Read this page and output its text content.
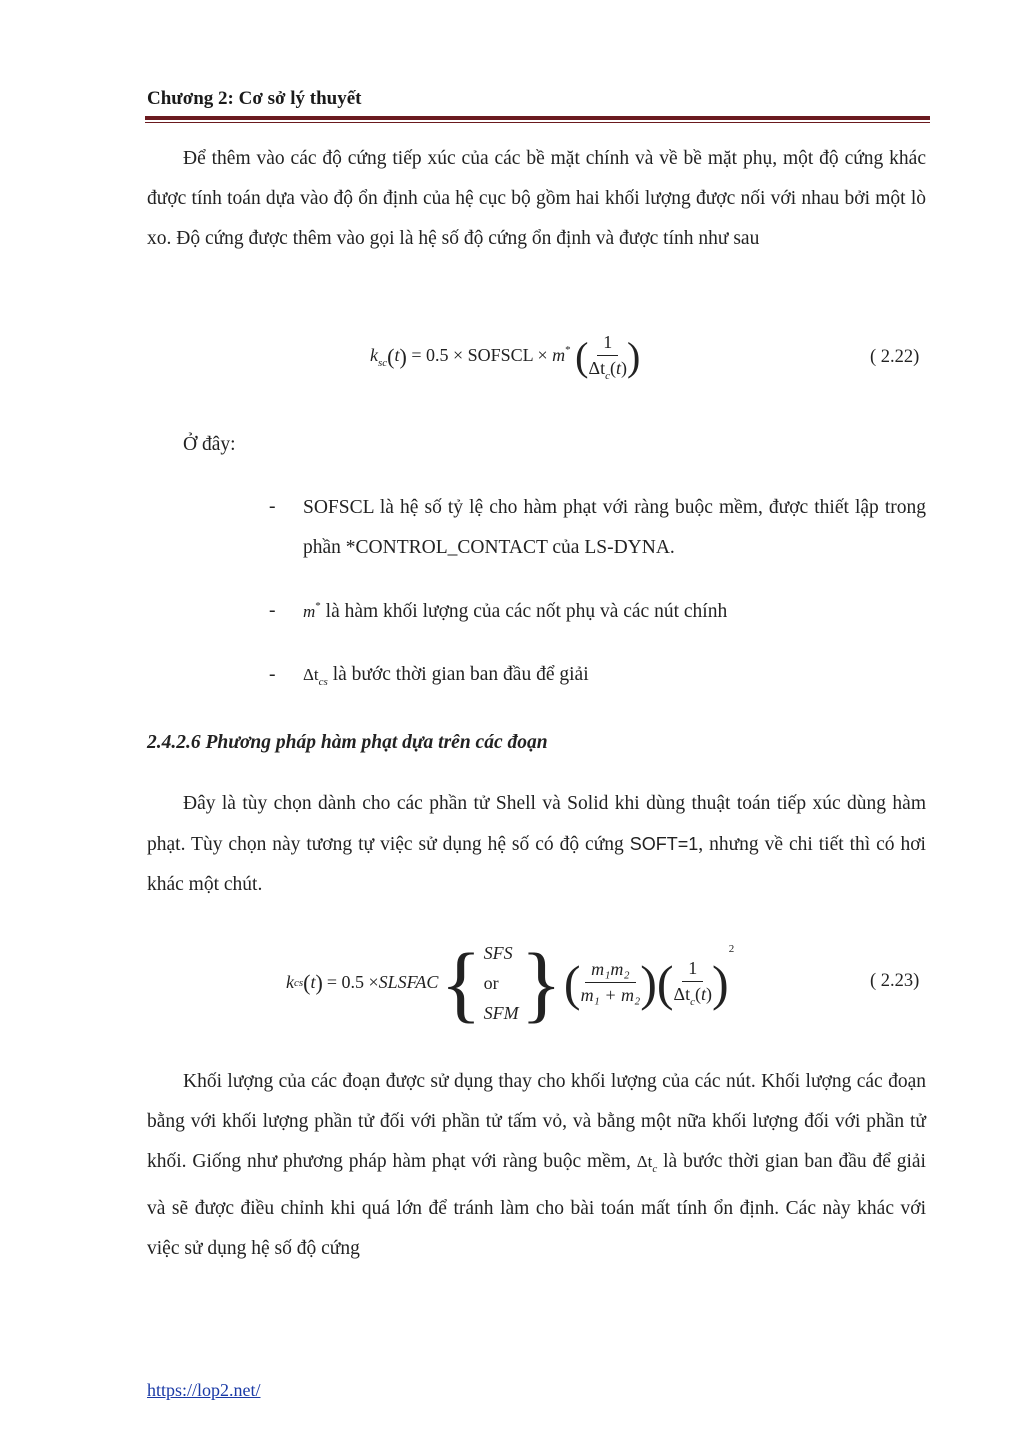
Chương 2: Cơ sở lý thuyết
Để thêm vào các độ cứng tiếp xúc của các bề mặt chính và về bề mặt phụ, một độ cứng khác được tính toán dựa vào độ ổn định của hệ cục bộ gồm hai khối lượng được nối với nhau bởi một lò xo. Độ cứng được thêm vào gọi là hệ số độ cứng ổn định và được tính như sau
$k_{sc}(t) = 0.5$ × SOFSCL × m* ( $\frac{1}{\Delta t_c(t)}$ )	( 2.22)
Ở đây:
- SOFSCL là hệ số tỷ lệ cho hàm phạt với ràng buộc mềm, được thiết lập trong phần *CONTROL_CONTACT của LS-DYNA.
- m* là hàm khối lượng của các nốt phụ và các nút chính
- $\Delta t_{cs}$ là bước thời gian ban đầu để giải
2.4.2.6 Phương pháp hàm phạt dựa trên các đoạn
Đây là tùy chọn dành cho các phần tử Shell và Solid khi dùng thuật toán tiếp xúc dùng hàm phạt. Tùy chọn này tương tự việc sử dụng hệ số có độ cứng SOFT=1, nhưng về chi tiết thì có hơi khác một chút.
k cs ( t ) = 0.5 × SLSFAC { SFS
or
SFM } ( $\frac{\text{m₁m₂}}{\text{m₁ + m₂}}$ ) ( $\frac{1}{\Delta t_c(t)}$ )
2
( 2.23)
Khối lượng của các đoạn được sử dụng thay cho khối lượng của các nút. Khối lượng các đoạn bằng với khối lượng phần tử đối với phần tử tấm vỏ, và bằng một nữa khối lượng đối với phần tử khối. Giống như phương pháp hàm phạt với ràng buộc mềm, $\Delta t_c$ là bước thời gian ban đầu để giải và sẽ được điều chỉnh khi quá lớn để tránh làm cho bài toán mất tính ổn định. Các này khác với việc sử dụng hệ số độ cứng
https://lop2.net/
